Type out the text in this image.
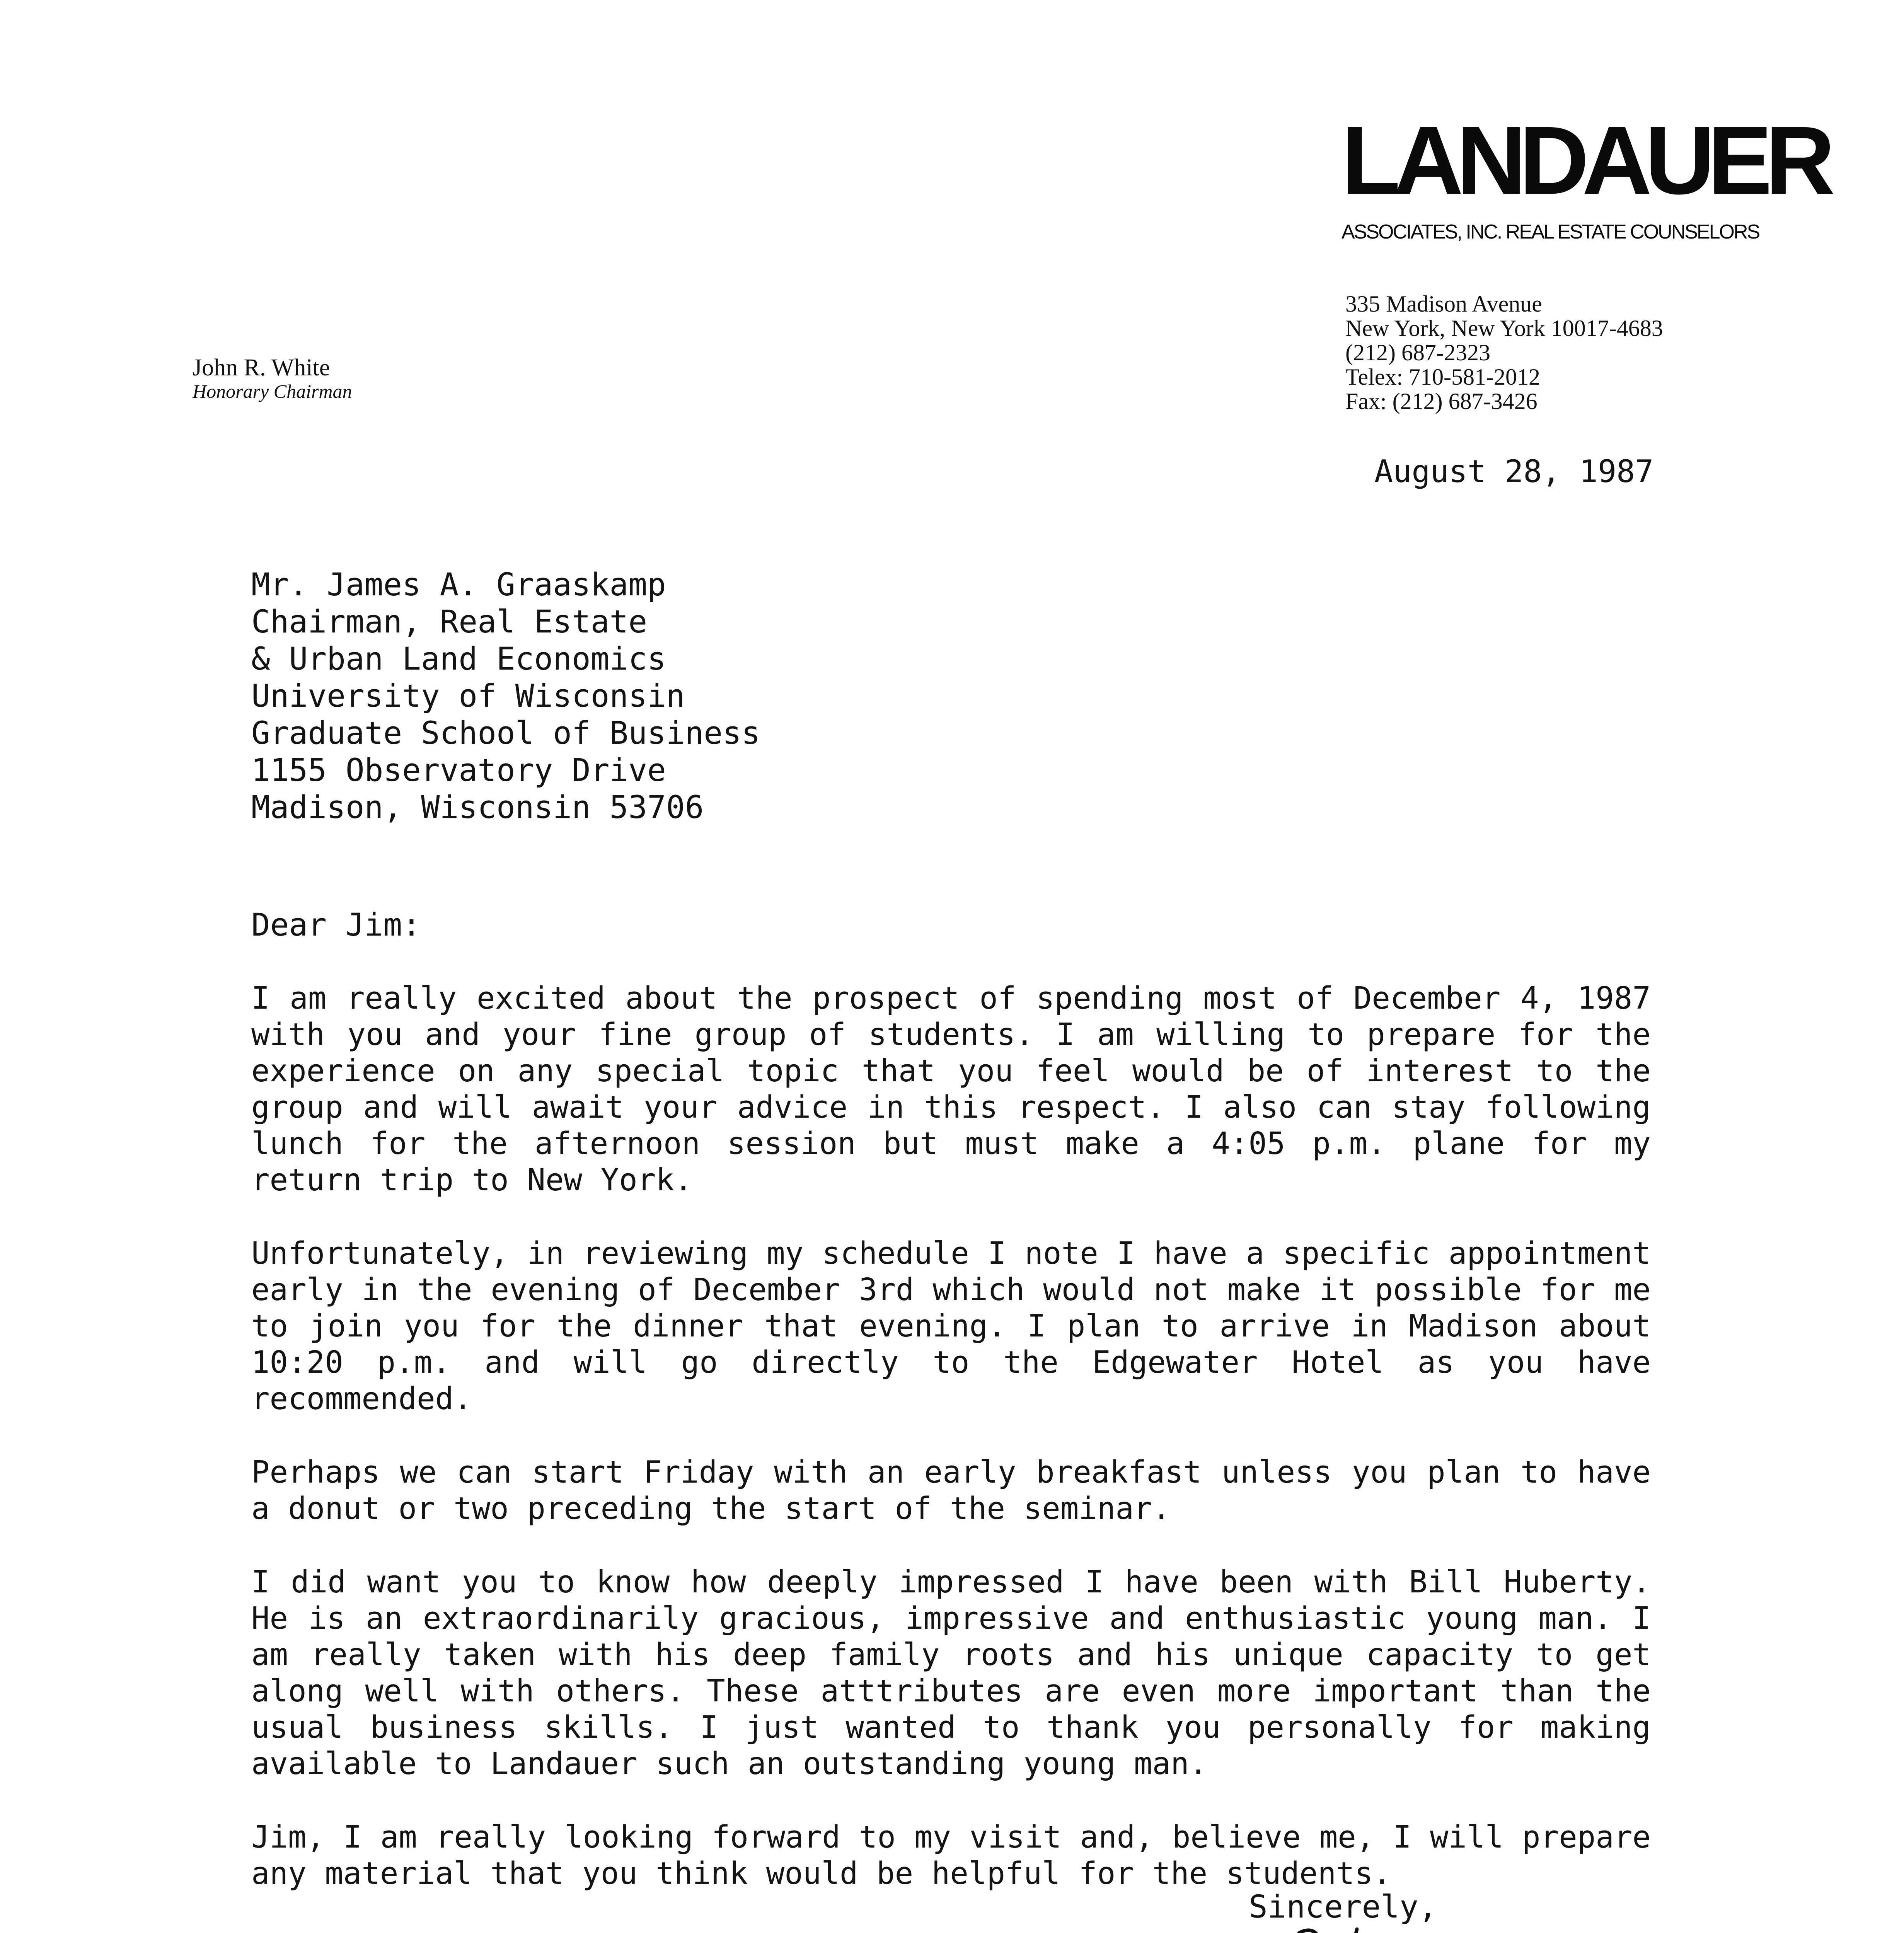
LANDAUER
ASSOCIATES, INC. REAL ESTATE COUNSELORS
335 Madison Avenue
New York, New York 10017-4683
(212) 687-2323
Telex: 710-581-2012
Fax: (212) 687-3426
John R. White
Honorary Chairman
August 28, 1987
Mr. James A. Graaskamp
Chairman, Real Estate
& Urban Land Economics
University of Wisconsin
Graduate School of Business
1155 Observatory Drive
Madison, Wisconsin 53706
Dear Jim:

I am really excited about the prospect of spending most of December 4, 1987 with you and your fine group of students. I am willing to prepare for the experience on any special topic that you feel would be of interest to the group and will await your advice in this respect. I also can stay following lunch for the afternoon session but must make a 4:05 p.m. plane for my return trip to New York.

Unfortunately, in reviewing my schedule I note I have a specific appointment early in the evening of December 3rd which would not make it possible for me to join you for the dinner that evening. I plan to arrive in Madison about 10:20 p.m. and will go directly to the Edgewater Hotel as you have recommended.

Perhaps we can start Friday with an early breakfast unless you plan to have a donut or two preceding the start of the seminar.

I did want you to know how deeply impressed I have been with Bill Huberty. He is an extraordinarily gracious, impressive and enthusiastic young man. I am really taken with his deep family roots and his unique capacity to get along well with others. These atttributes are even more important than the usual business skills. I just wanted to thank you personally for making available to Landauer such an outstanding young man.

Jim, I am really looking forward to my visit and, believe me, I will prepare any material that you think would be helpful for the students.

Sincerely,
